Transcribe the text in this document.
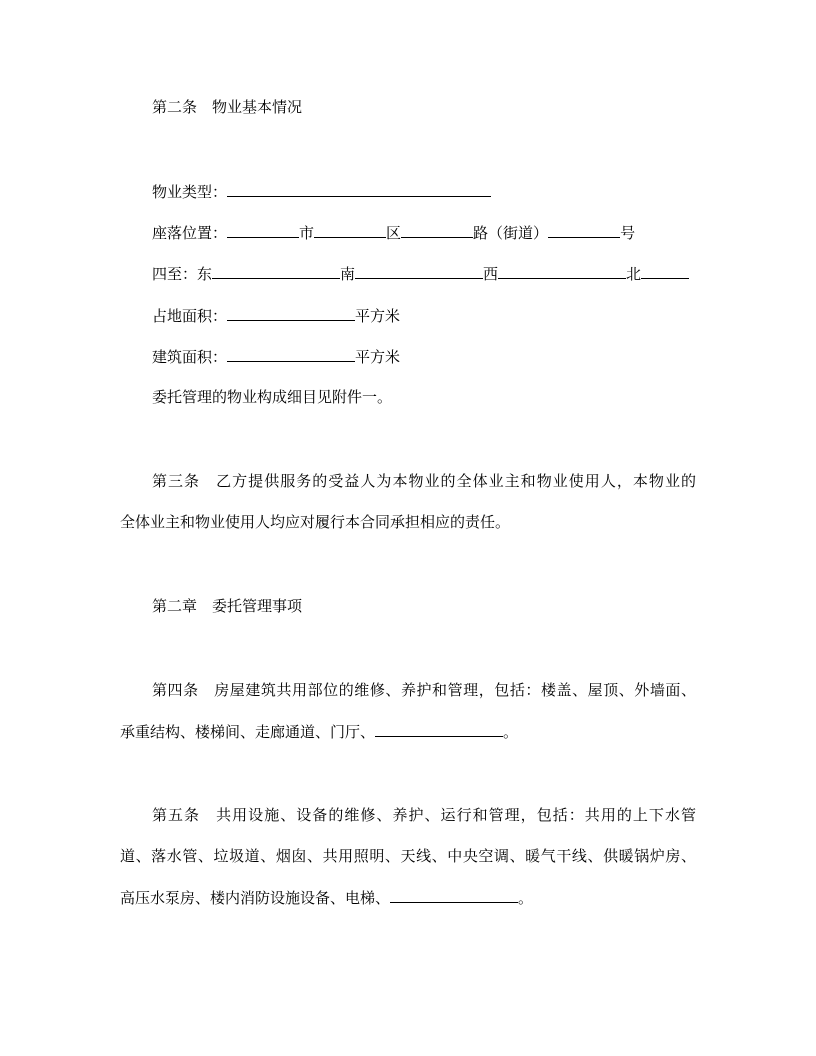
第二条 物业基本情况
物业类型：
座落位置：	市	区	路（街道）	号
四至：东	南	西	北
占地面积：	平方米
建筑面积：	平方米
委托管理的物业构成细目见附件一。
第三条 乙方提供服务的受益人为本物业的全体业主和物业使用人，本物业的
全体业主和物业使用人均应对履行本合同承担相应的责任。
第二章 委托管理事项
第四条 房屋建筑共用部位的维修、养护和管理，包括：楼盖、屋顶、外墙面、
承重结构、楼梯间、走廊通道、门厅、	。
第五条 共用设施、设备的维修、养护、运行和管理，包括：共用的上下水管
道、落水管、垃圾道、烟囱、共用照明、天线、中央空调、暖气干线、供暖锅炉房、
高压水泵房、楼内消防设施设备、电梯、	。
